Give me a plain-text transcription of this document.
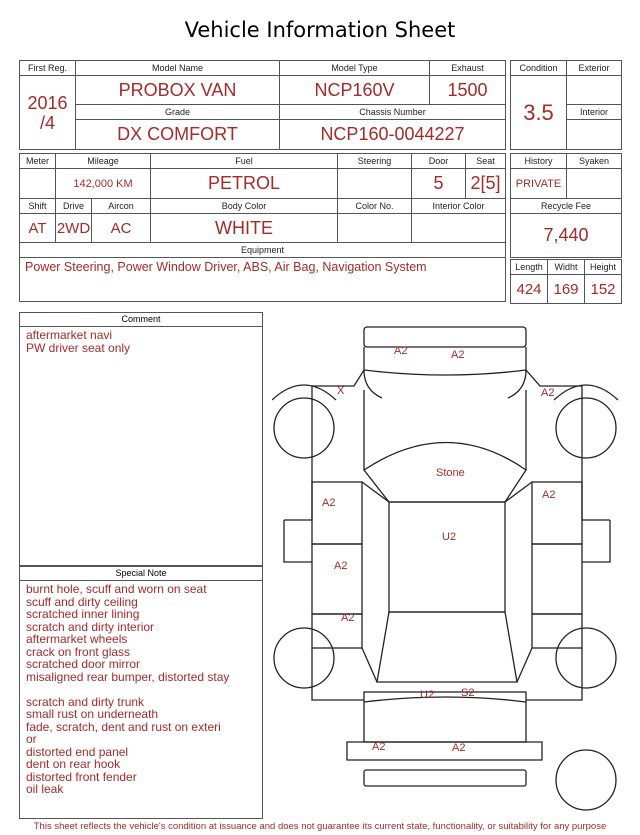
Vehicle Information Sheet
First Reg.	Model Name	Model Type	Exhaust

2016
/4	PROBOX VAN	NCP160V	1500
	Grade	Chassis Number	
	DX COMFORT	NCP160-0044227	
Condition	Exterior
3.5	
	Interior

Meter	Mileage		Fuel	Steering	Door	Seat
	142,000 KM		PETROL		5	2[5]
Shift	Drive	Aircon	Body Color	Color No.	Interior Color	
AT	2WD	AC	WHITE			
Equipment						
Power Steering, Power Window Driver, ABS, Air Bag, Navigation System						
History	Syaken
PRIVATE	
Recycle Fee	
7,440	
Length	Widht	Height
424	169	152
Comment
aftermarket navi
PW driver seat only
Special Note
burnt hole, scuff and worn on seat
scuff and dirty ceiling
scratched inner lining
scratch and dirty interior
aftermarket wheels
crack on front glass
scratched door mirror
misaligned rear bumper, distorted stay

scratch and dirty trunk
small rust on underneath
fade, scratch, dent and rust on exteri
or
distorted end panel
dent on rear hook
distorted front fender
oil leak
A2	A2
X	A2
Stone
A2
A2
U2
A2
A2
U2 S2
A2	A2
This sheet reflects the vehicle's condition at issuance and does not guarantee its current state, functionality, or suitability for any purpose
